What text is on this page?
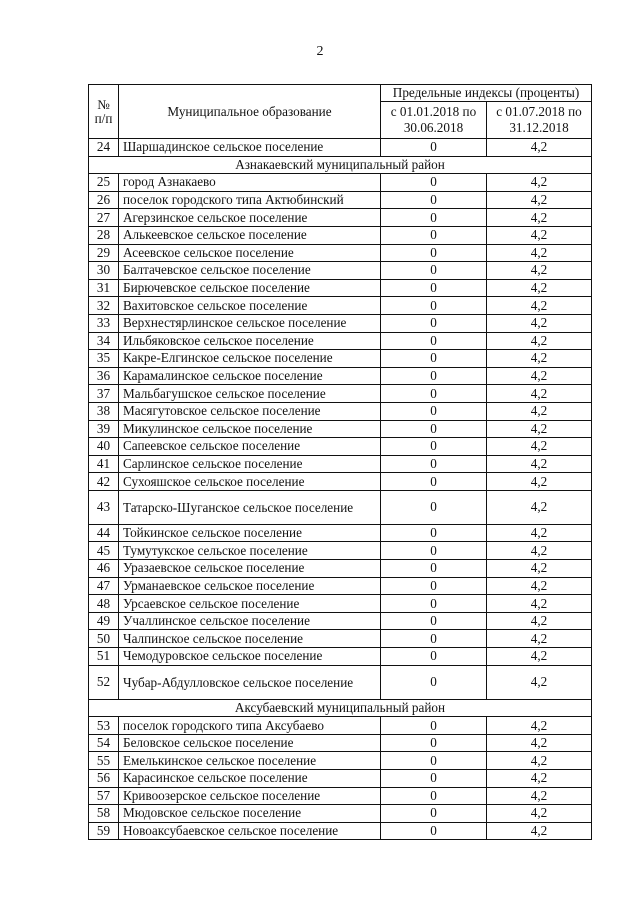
2
№ п/п	Муниципальное образование	Предельные индексы (проценты)	
		с 01.01.2018 по 30.06.2018	с 01.07.2018 по 31.12.2018
24	Шаршадинское сельское поселение	0	4,2
Азнакаевский муниципальный район			
25	город Азнакаево	0	4,2
26	поселок городского типа Актюбинский	0	4,2
27	Агерзинское сельское поселение	0	4,2
28	Алькеевское сельское поселение	0	4,2
29	Асеевское сельское поселение	0	4,2
30	Балтачевское сельское поселение	0	4,2
31	Бирючевское сельское поселение	0	4,2
32	Вахитовское сельское поселение	0	4,2
33	Верхнестярлинское сельское поселение	0	4,2
34	Ильбяковское сельское поселение	0	4,2
35	Какре-Елгинское сельское поселение	0	4,2
36	Карамалинское сельское поселение	0	4,2
37	Мальбагушское сельское поселение	0	4,2
38	Масягутовское сельское поселение	0	4,2
39	Микулинское сельское поселение	0	4,2
40	Сапеевское сельское поселение	0	4,2
41	Сарлинское сельское поселение	0	4,2
42	Сухояшское сельское поселение	0	4,2
43	Татарско-Шуганское сельское поселение	0	4,2
44	Тойкинское сельское поселение	0	4,2
45	Тумутукское сельское поселение	0	4,2
46	Уразаевское сельское поселение	0	4,2
47	Урманаевское сельское поселение	0	4,2
48	Урсаевское сельское поселение	0	4,2
49	Учаллинское сельское поселение	0	4,2
50	Чалпинское сельское поселение	0	4,2
51	Чемодуровское сельское поселение	0	4,2
52	Чубар-Абдулловское сельское поселение	0	4,2
Аксубаевский муниципальный район			
53	поселок городского типа Аксубаево	0	4,2
54	Беловское сельское поселение	0	4,2
55	Емелькинское сельское поселение	0	4,2
56	Карасинское сельское поселение	0	4,2
57	Кривоозерское сельское поселение	0	4,2
58	Мюдовское сельское поселение	0	4,2
59	Новоаксубаевское сельское поселение	0	4,2
